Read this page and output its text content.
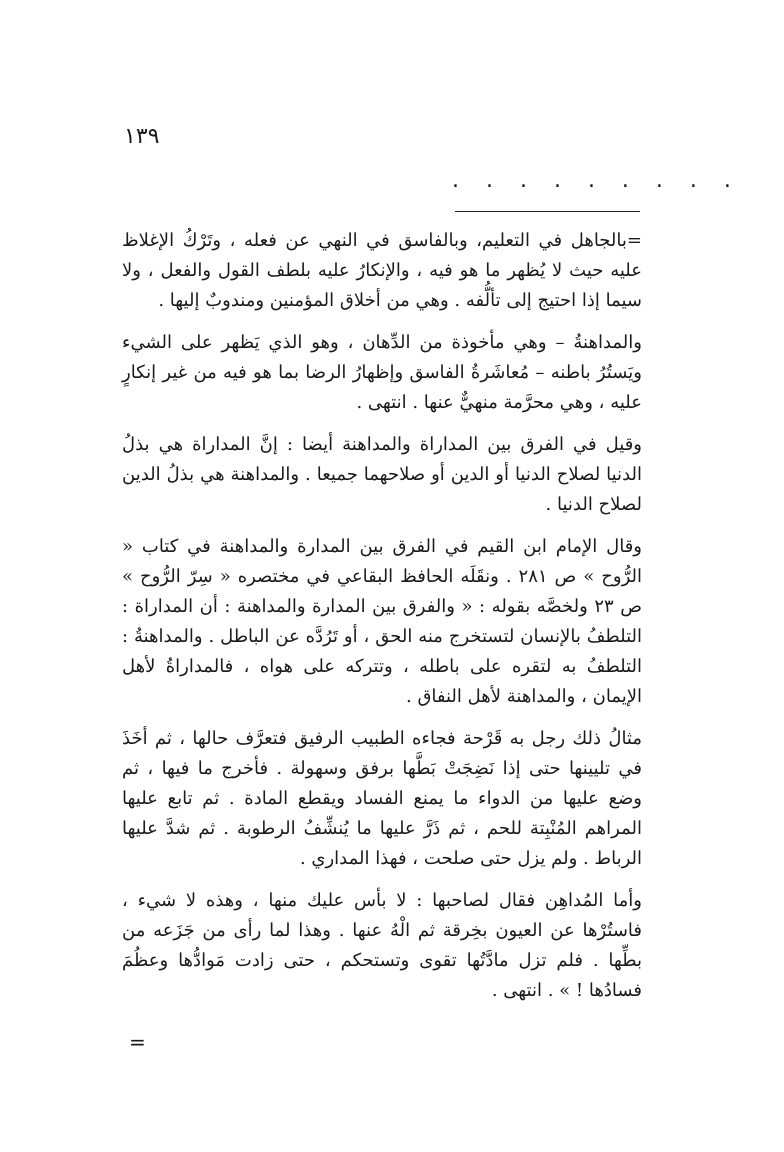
١٣٩
. . . . . . . . .

=بالجاهل في التعليم، وبالفاسق في النهي عن فعله ، وتَرْكُ الإغلاظ عليه حيث لا يُظهر ما هو فيه ، والإنكارُ عليه بلطف القول والفعل ، ولا سيما إذا احتيج إلى تألُّفه . وهي من أخلاق المؤمنين ومندوبٌ إليها .

والمداهنةُ – وهي مأخوذة من الدِّهان ، وهو الذي يَظهر على الشيء ويَستُرُ باطنه – مُعاشَرةُ الفاسق وإظهارُ الرضا بما هو فيه من غير إنكارٍ عليه ، وهي محرَّمة منهيٌّ عنها . انتهى .

وقيل في الفرق بين المداراة والمداهنة أيضا : إنَّ المداراة هي بذلُ الدنيا لصلاح الدنيا أو الدين أو صلاحهما جميعا . والمداهنة هي بذلُ الدين لصلاح الدنيا .

وقال الإمام ابن القيم في الفرق بين المدارة والمداهنة في كتاب « الرُّوح » ص ٢٨١ . ونقَلَه الحافظ البقاعي في مختصره « سِرّ الرُّوح » ص ٢٣ ولخصَّه بقوله : « والفرق بين المدارة والمداهنة : أن المداراة : التلطفُ بالإنسان لتستخرج منه الحق ، أو تَرُدَّه عن الباطل . والمداهنةُ : التلطفُ به لتقره على باطله ، وتتركه على هواه ، فالمداراةُ لأهل الإيمان ، والمداهنة لأهل النفاق .

مثالُ ذلك رجل به قَرْحة فجاءه الطبيب الرفيق فتعرَّف حالها ، ثم أخَذَ في تليينها حتى إذا نَضِجَتْ بَطَّها برفق وسهولة . فأخرج ما فيها ، ثم وضع عليها من الدواء ما يمنع الفساد ويقطع المادة . ثم تابع عليها المراهم المُنْبِتة للحم ، ثم ذَرَّ عليها ما يُنشِّفُ الرطوبة . ثم شدَّ عليها الرباط . ولم يزل حتى صلحت ، فهذا المداري .

وأما المُداهِن فقال لصاحبها : لا بأس عليك منها ، وهذه لا شيء ، فاستُرْها عن العيون بخِرقة ثم الْهُ عنها . وهذا لما رأى من جَزَعه من بطِّها . فلم تزل مادَّتُها تقوى وتستحكم ، حتى زادت مَوادُّها وعظُمَ فسادُها ! » . انتهى .

=
